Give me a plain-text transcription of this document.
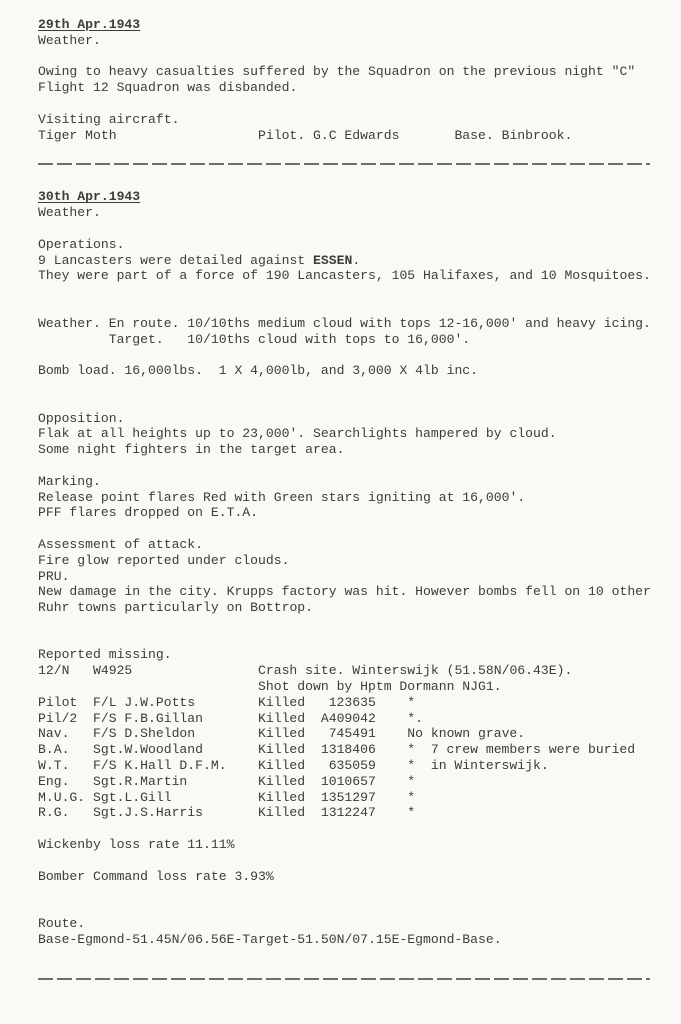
29th Apr.1943
Weather.
Owing to heavy casualties suffered by the Squadron on the previous night "C"
Flight 12 Squadron was disbanded.
Visiting aircraft.
Tiger Moth	Pilot. G.C Edwards	Base. Binbrook.
30th Apr.1943
Weather.
Operations.
9 Lancasters were detailed against ESSEN.
They were part of a force of 190 Lancasters, 105 Halifaxes, and 10 Mosquitoes.
Weather. En route. 10/10ths medium cloud with tops 12-16,000' and heavy icing.
Target.   10/10ths cloud with tops to 16,000'.
Bomb load. 16,000lbs.  1 X 4,000lb, and 3,000 X 4lb inc.
Opposition.
Flak at all heights up to 23,000'. Searchlights hampered by cloud.
Some night fighters in the target area.
Marking.
Release point flares Red with Green stars igniting at 16,000'.
PFF flares dropped on E.T.A.
Assessment of attack.
Fire glow reported under clouds.
PRU.
New damage in the city. Krupps factory was hit. However bombs fell on 10 other
Ruhr towns particularly on Bottrop.
Reported missing.
12/N	W4925	Crash site. Winterswijk (51.58N/06.43E).
Shot down by Hptm Dormann NJG1.
Pilot	F/L J.W.Potts	Killed	123635 *
Pil/2	F/S F.B.Gillan	Killed	A409042 *.
Nav.	F/S D.Sheldon	Killed	745491 No known grave.
B.A.	Sgt.W.Woodland	Killed	1318406 *	7 crew members were buried
W.T.	F/S K.Hall D.F.M.	Killed	635059 *	in Winterswijk.
Eng.	Sgt.R.Martin	Killed	1010657 *
M.U.G. Sgt.L.Gill	Killed	1351297 *
R.G.	Sgt.J.S.Harris	Killed	1312247 *
Wickenby loss rate 11.11%
Bomber Command loss rate 3.93%
Route.
Base-Egmond-51.45N/06.56E-Target-51.50N/07.15E-Egmond-Base.
